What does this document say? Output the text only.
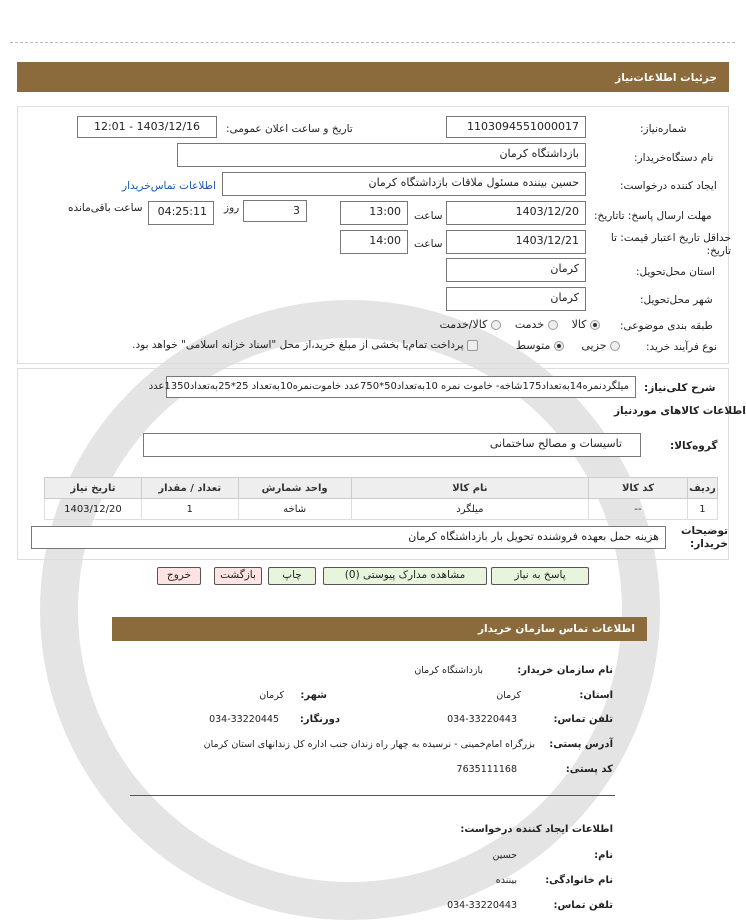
جزئیات اطلاعات‌نیاز
شماره‌نیاز:
1103094551000017
تاریخ و ساعت اعلان عمومی:
1403/12/16 - 12:01
نام دستگاه‌خریدار:
بازداشتگاه کرمان
ایجاد کننده درخواست:
حسین بیننده مسئول ملاقات بازداشتگاه کرمان
اطلاعات تماس‌خریدار
مهلت ارسال پاسخ: تاتاریخ:
1403/12/20
ساعت
13:00
3
روز
04:25:11
ساعت باقی‌مانده
حداقل تاریخ اعتبار قیمت: تا تاریخ:
1403/12/21
ساعت
14:00
استان محل‌تحویل:
کرمان
شهر محل‌تحویل:
کرمان
طبقه بندی موضوعی:
کالا     خدمت     کالا/خدمت
نوع فرآیند خرید:
جزیی      متوسط
پرداخت تمام‌یا بخشی از مبلغ خرید،از محل "اسناد خزانه اسلامی" خواهد بود.
شرح کلی‌نیاز:
میلگرد‌نمره14‌به‌تعداد175شاخه- خاموت نمره 10به‌تعداد50*750عدد خاموت‌نمره10به‌تعداد 25*25به‌تعداد1350عدد
اطلاعات کالاهای موردنیاز
گروه‌کالا:
تاسیسات و مصالح ساختمانی
ردیف	کد کالا	نام کالا	واحد شمارش	تعداد / مقدار	تاریخ نیاز
1	--	میلگرد	شاخه	1	1403/12/20
توضیحات خریدار:
هزینه حمل بعهده فروشنده تحویل بار بازداشتگاه کرمان
پاسخ به نیاز
مشاهده مدارک پیوستی (0)
چاپ
بازگشت
خروج
اطلاعات تماس سازمان خریدار
نام سازمان خریدار:
بازداشتگاه کرمان
استان:
کرمان
شهر:
کرمان
تلفن تماس:
034-33220443
دورنگار:
034-33220445
آدرس پستی:
بزرگراه امام‌خمینی - نرسیده به چهار راه زندان جنب اداره کل زندانهای استان کرمان
کد پستی:
7635111168
اطلاعات ایجاد کننده درخواست:
نام:
حسین
نام خانوادگی:
بیننده
تلفن تماس:
034-33220443
